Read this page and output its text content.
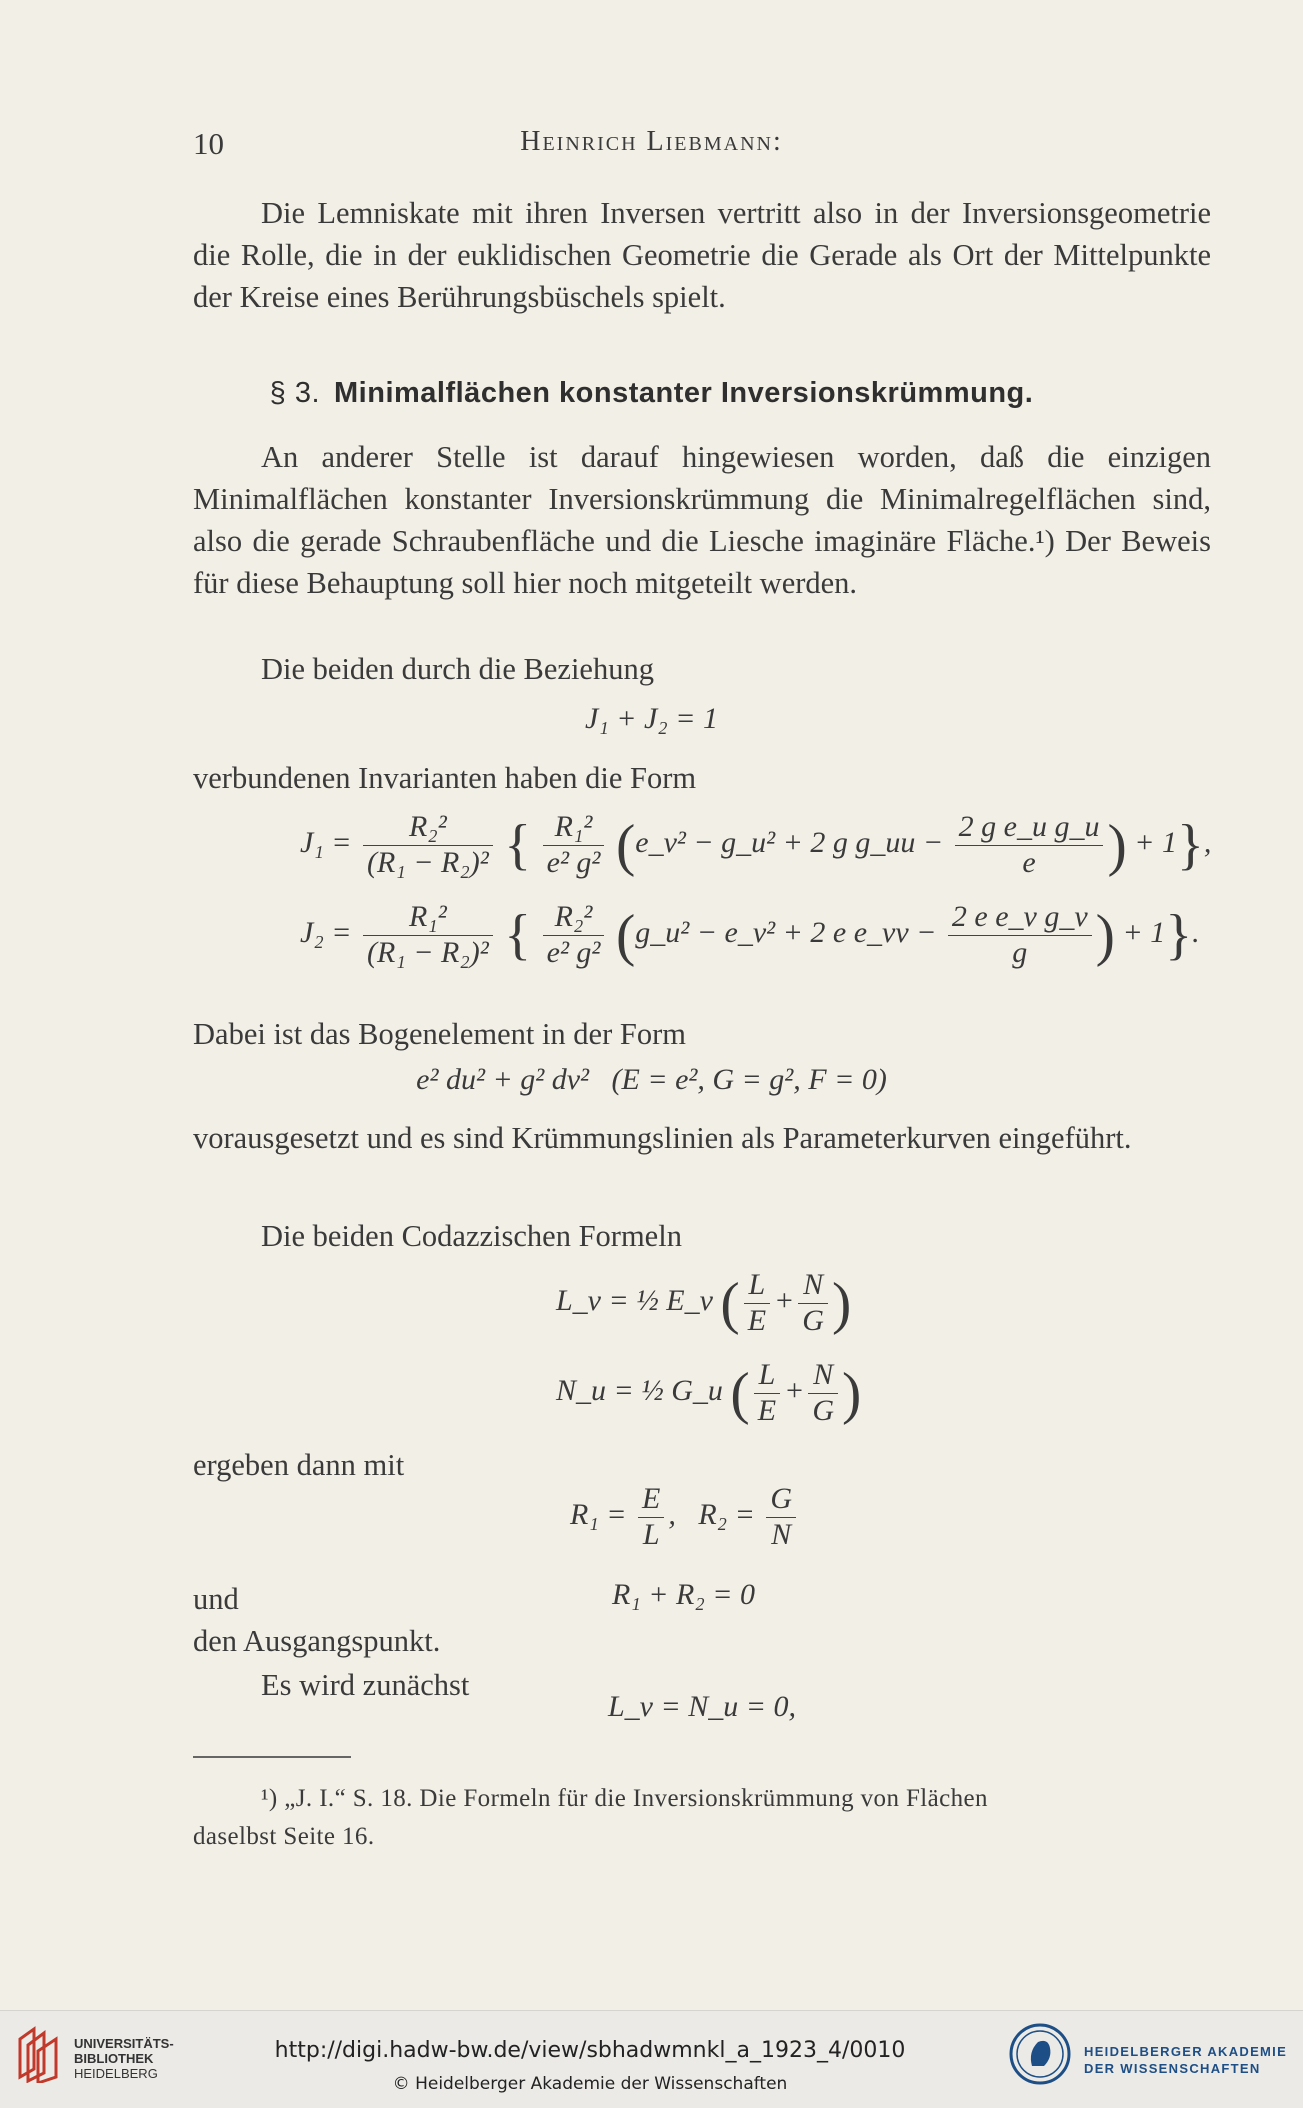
10	Heinrich Liebmann:

Die Lemniskate mit ihren Inversen vertritt also in der Inversionsgeometrie die Rolle, die in der euklidischen Geometrie die Gerade als Ort der Mittelpunkte der Kreise eines Berührungsbüschels spielt.

§ 3. Minimalflächen konstanter Inversionskrümmung.

An anderer Stelle ist darauf hingewiesen worden, daß die einzigen Minimalflächen konstanter Inversionskrümmung die Minimalregelflächen sind, also die gerade Schraubenfläche und die Liesche imaginäre Fläche.¹) Der Beweis für diese Behauptung soll hier noch mitgeteilt werden.

Die beiden durch die Beziehung

J₁ + J₂ = 1

verbundenen Invarianten haben die Form

$J_1 = \frac{\text{R₂²}}{\text{(R₁ − R₂)²}}$ { $\frac{\text{R₁²}}{\text{e² g²}}$ (e_v² − g_u² + 2 g g_uu − $\frac{\text{2 g e\_u g\_u}}{e}$ ) + 1},
$J_2 = \frac{\text{R₁²}}{\text{(R₁ − R₂)²}}$ { $\frac{\text{R₂²}}{\text{e² g²}}$ (g_u² − e_v² + 2 e e_vv − $\frac{\text{2 e e\_v g\_v}}{g}$ ) + 1}.

Dabei ist das Bogenelement in der Form

e² du² + g² dv²   (E = e², G = g², F = 0)

vorausgesetzt und es sind Krümmungslinien als Parameterkurven eingeführt.

Die beiden Codazzischen Formeln

L_v = ½ E_v ( $\frac{L}{E} + \frac{N}{G}$ )
N_u = ½ G_u ( $\frac{L}{E} + \frac{N}{G}$ )

ergeben dann mit

$R_1 = \frac{E}{L}$ , $R_2 = \frac{G}{N}$

und	R₁ + R₂ = 0

den Ausgangspunkt.

Es wird zunächst

L_v = N_u = 0,

¹) „J. I.“ S. 18. Die Formeln für die Inversionskrümmung von Flächen

daselbst Seite 16.

UNIVERSITÄTS-
BIBLIOTHEK
HEIDELBERG
http://digi.hadw-bw.de/view/sbhadwmnkl_a_1923_4/0010
© Heidelberger Akademie der Wissenschaften
HEIDELBERGER AKADEMIE
DER WISSENSCHAFTEN
